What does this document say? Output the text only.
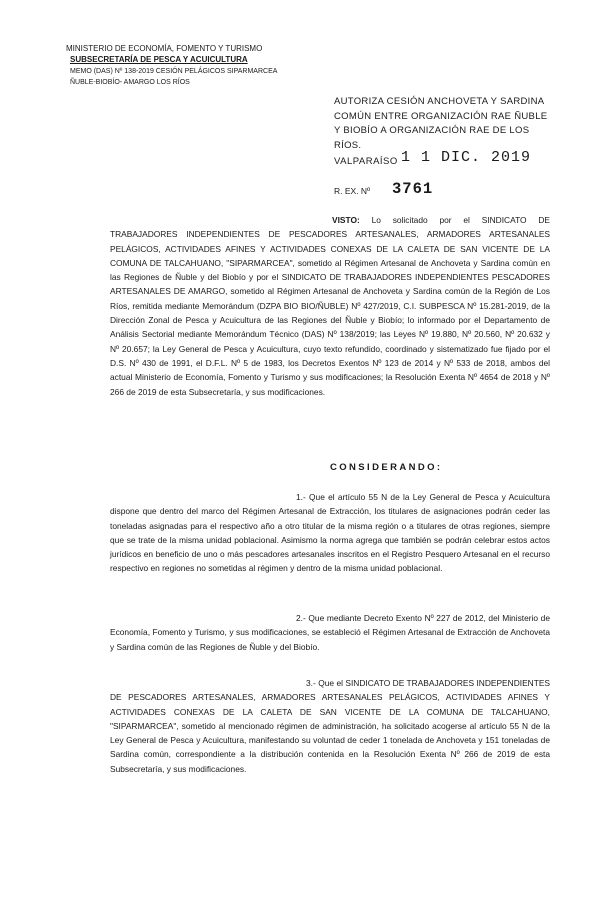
MINISTERIO DE ECONOMÍA, FOMENTO Y TURISMO
SUBSECRETARÍA DE PESCA Y ACUICULTURA
MEMO (DAS) Nº 138-2019 CESIÓN PELÁGICOS SIPARMARCEA
ÑUBLE-BIOBÍO- AMARGO LOS RÍOS
AUTORIZA CESIÓN ANCHOVETA Y SARDINA COMÚN ENTRE ORGANIZACIÓN RAE ÑUBLE Y BIOBÍO A ORGANIZACIÓN RAE DE LOS RÍOS.
VALPARAÍSO 1 1 DIC. 2019
R. EX. Nº 3761
VISTO: Lo solicitado por el SINDICATO DE TRABAJADORES INDEPENDIENTES DE PESCADORES ARTESANALES, ARMADORES ARTESANALES PELÁGICOS, ACTIVIDADES AFINES Y ACTIVIDADES CONEXAS DE LA CALETA DE SAN VICENTE DE LA COMUNA DE TALCAHUANO, "SIPARMARCEA", sometido al Régimen Artesanal de Anchoveta y Sardina común en las Regiones de Ñuble y del Biobío y por el SINDICATO DE TRABAJADORES INDEPENDIENTES PESCADORES ARTESANALES DE AMARGO, sometido al Régimen Artesanal de Anchoveta y Sardina común de la Región de Los Ríos, remitida mediante Memorándum (DZPA BIO BIO/ÑUBLE) Nº 427/2019, C.I. SUBPESCA Nº 15.281-2019, de la Dirección Zonal de Pesca y Acuicultura de las Regiones del Ñuble y Biobío; lo informado por el Departamento de Análisis Sectorial mediante Memorándum Técnico (DAS) Nº 138/2019; las Leyes Nº 19.880, Nº 20.560, Nº 20.632 y Nº 20.657; la Ley General de Pesca y Acuicultura, cuyo texto refundido, coordinado y sistematizado fue fijado por el D.S. Nº 430 de 1991, el D.F.L. Nº 5 de 1983, los Decretos Exentos Nº 123 de 2014 y Nº 533 de 2018, ambos del actual Ministerio de Economía, Fomento y Turismo y sus modificaciones; la Resolución Exenta Nº 4654 de 2018 y Nº 266 de 2019 de esta Subsecretaría, y sus modificaciones.
CONSIDERANDO:
1.- Que el artículo 55 N de la Ley General de Pesca y Acuicultura dispone que dentro del marco del Régimen Artesanal de Extracción, los titulares de asignaciones podrán ceder las toneladas asignadas para el respectivo año a otro titular de la misma región o a titulares de otras regiones, siempre que se trate de la misma unidad poblacional. Asimismo la norma agrega que también se podrán celebrar estos actos jurídicos en beneficio de uno o más pescadores artesanales inscritos en el Registro Pesquero Artesanal en el recurso respectivo en regiones no sometidas al régimen y dentro de la misma unidad poblacional.
2.- Que mediante Decreto Exento Nº 227 de 2012, del Ministerio de Economía, Fomento y Turismo, y sus modificaciones, se estableció el Régimen Artesanal de Extracción de Anchoveta y Sardina común de las Regiones de Ñuble y del Biobío.
3.- Que el SINDICATO DE TRABAJADORES INDEPENDIENTES DE PESCADORES ARTESANALES, ARMADORES ARTESANALES PELÁGICOS, ACTIVIDADES AFINES Y ACTIVIDADES CONEXAS DE LA CALETA DE SAN VICENTE DE LA COMUNA DE TALCAHUANO, "SIPARMARCEA", sometido al mencionado régimen de administración, ha solicitado acogerse al artículo 55 N de la Ley General de Pesca y Acuicultura, manifestando su voluntad de ceder 1 tonelada de Anchoveta y 151 toneladas de Sardina común, correspondiente a la distribución contenida en la Resolución Exenta Nº 266 de 2019 de esta Subsecretaría, y sus modificaciones.
